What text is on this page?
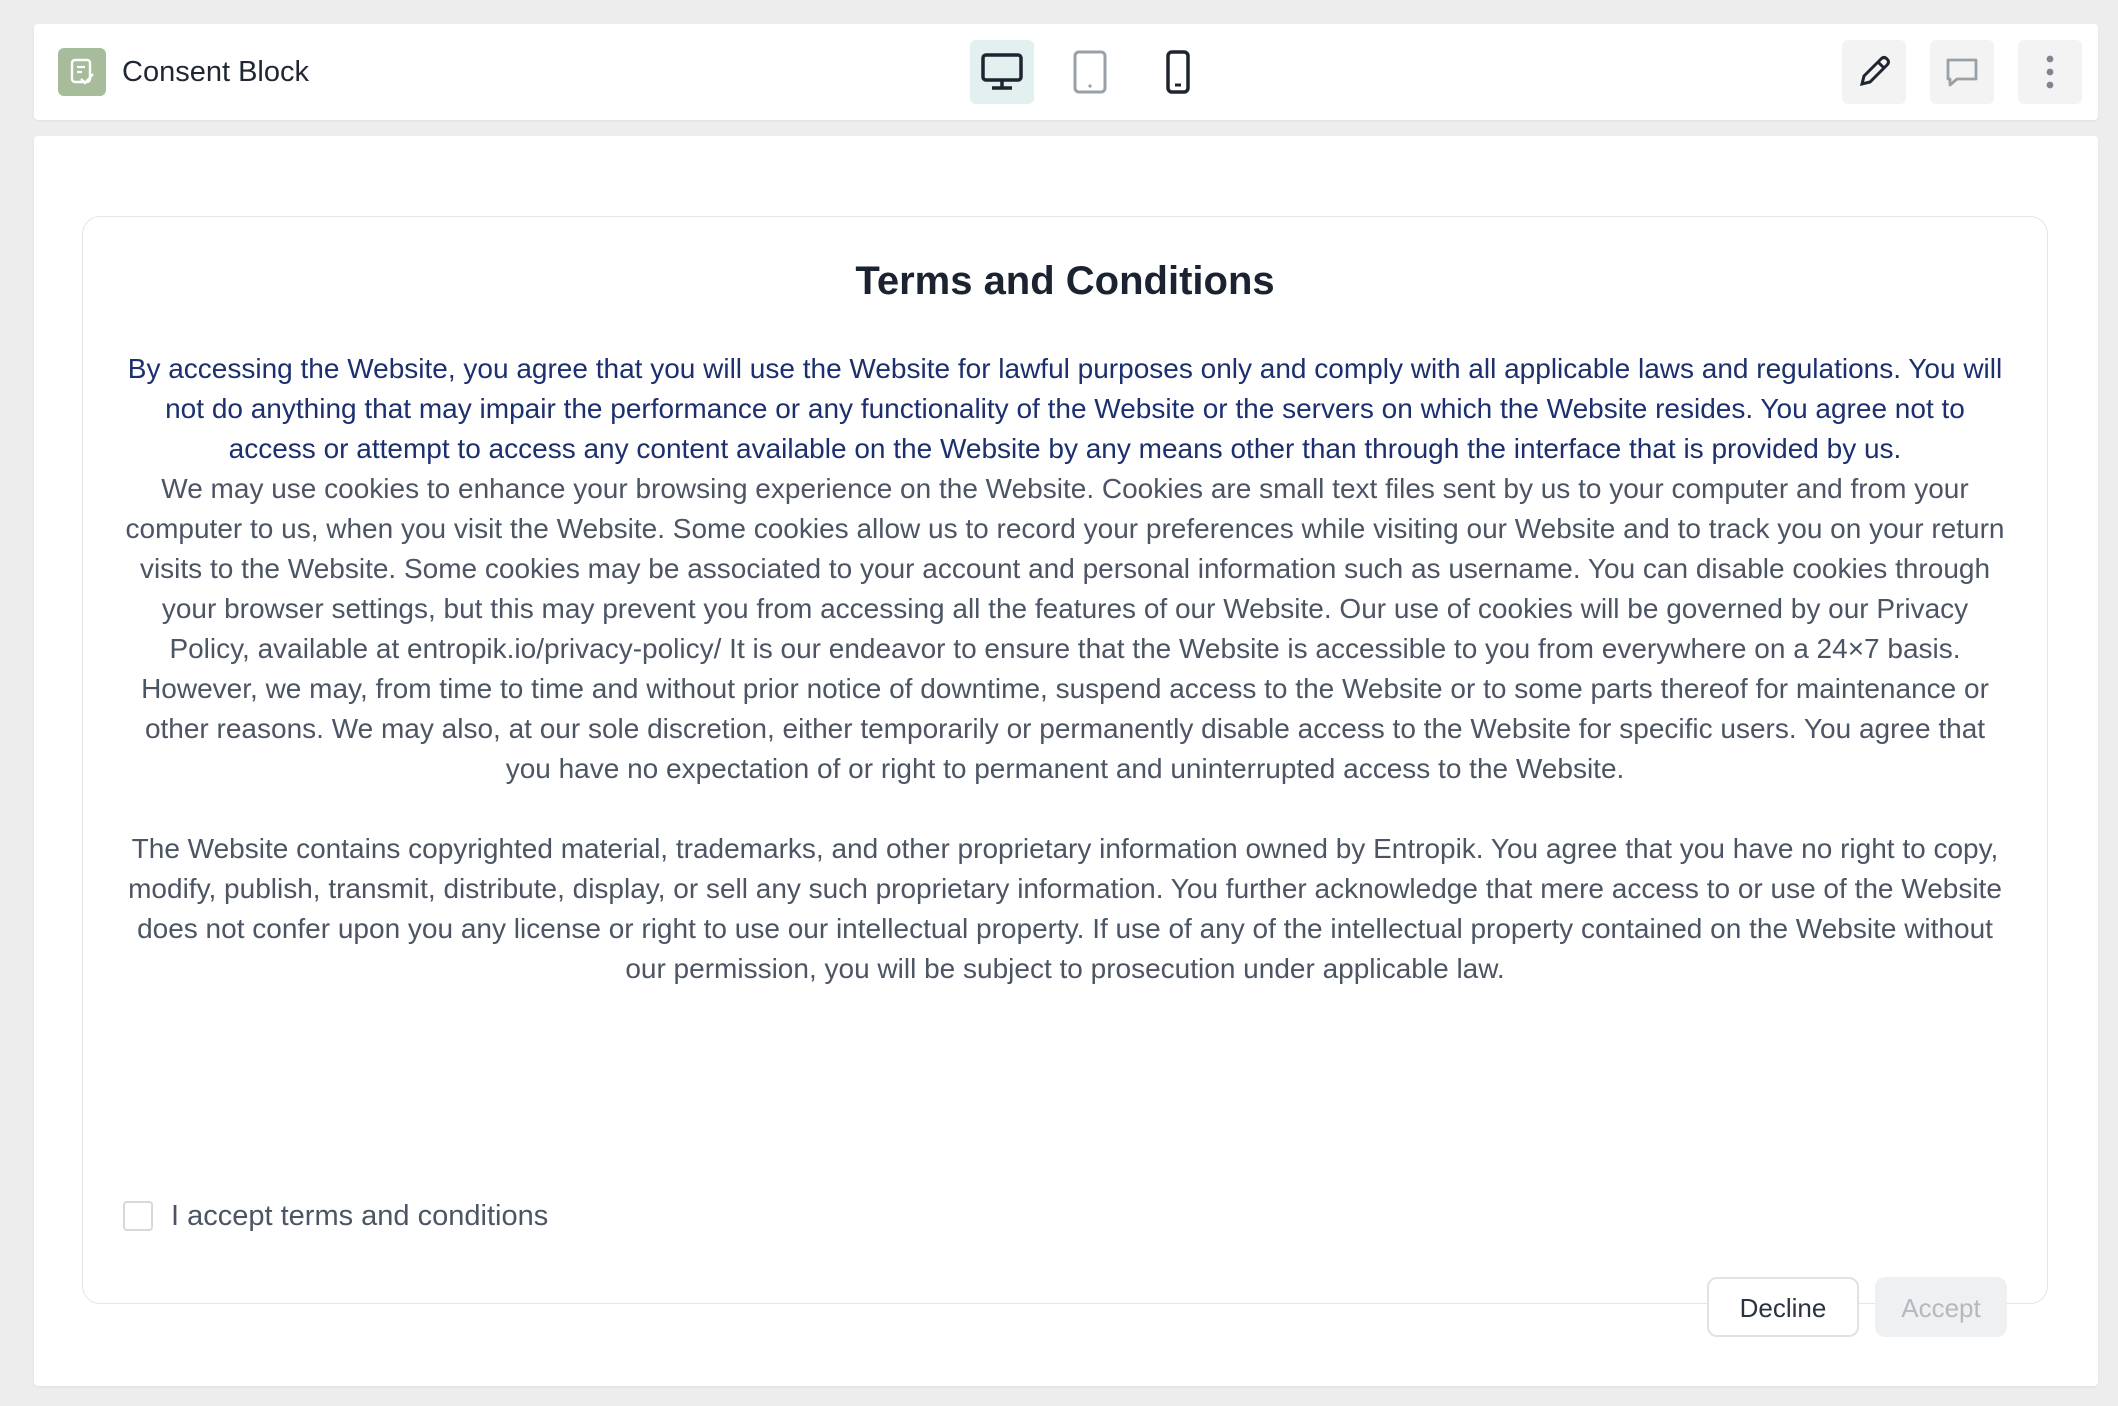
Consent Block
Terms and Conditions

By accessing the Website, you agree that you will use the Website for lawful purposes only and comply with all applicable laws and regulations. You will not do anything that may impair the performance or any functionality of the Website or the servers on which the Website resides. You agree not to access or attempt to access any content available on the Website by any means other than through the interface that is provided by us.

We may use cookies to enhance your browsing experience on the Website. Cookies are small text files sent by us to your computer and from your computer to us, when you visit the Website. Some cookies allow us to record your preferences while visiting our Website and to track you on your return visits to the Website. Some cookies may be associated to your account and personal information such as username. You can disable cookies through your browser settings, but this may prevent you from accessing all the features of our Website. Our use of cookies will be governed by our Privacy Policy, available at entropik.io/privacy-policy/ It is our endeavor to ensure that the Website is accessible to you from everywhere on a 24×7 basis. However, we may, from time to time and without prior notice of downtime, suspend access to the Website or to some parts thereof for maintenance or other reasons. We may also, at our sole discretion, either temporarily or permanently disable access to the Website for specific users. You agree that you have no expectation of or right to permanent and uninterrupted access to the Website.

The Website contains copyrighted material, trademarks, and other proprietary information owned by Entropik. You agree that you have no right to copy, modify, publish, transmit, distribute, display, or sell any such proprietary information. You further acknowledge that mere access to or use of the Website does not confer upon you any license or right to use our intellectual property. If use of any of the intellectual property contained on the Website without our permission, you will be subject to prosecution under applicable law.

I accept terms and conditions
Decline	Accept
